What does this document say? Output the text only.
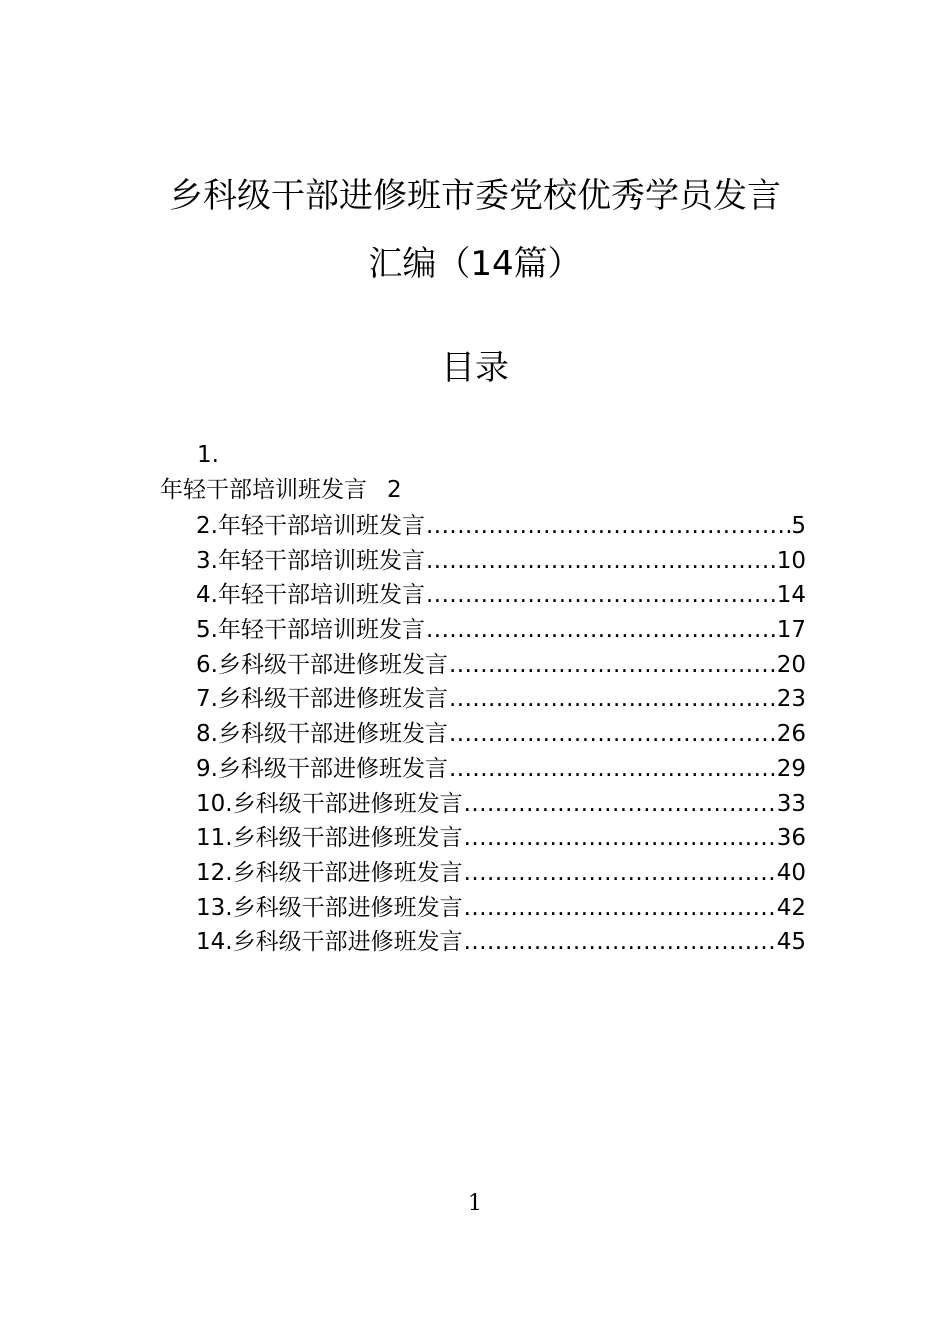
乡科级干部进修班市委党校优秀学员发言
汇编（14篇）
目录
1.
年轻干部培训班发言 2
2.年轻干部培训班发言 .....	5
3.年轻干部培训班发言 .....	10
4.年轻干部培训班发言 .....	14
5.年轻干部培训班发言 .....	17
6.乡科级干部进修班发言 .....	20
7.乡科级干部进修班发言 .....	23
8.乡科级干部进修班发言 .....	26
9.乡科级干部进修班发言 .....	29
10.乡科级干部进修班发言 .....	33
11.乡科级干部进修班发言 .....	36
12.乡科级干部进修班发言 .....	40
13.乡科级干部进修班发言 .....	42
14.乡科级干部进修班发言 .....	45
1
